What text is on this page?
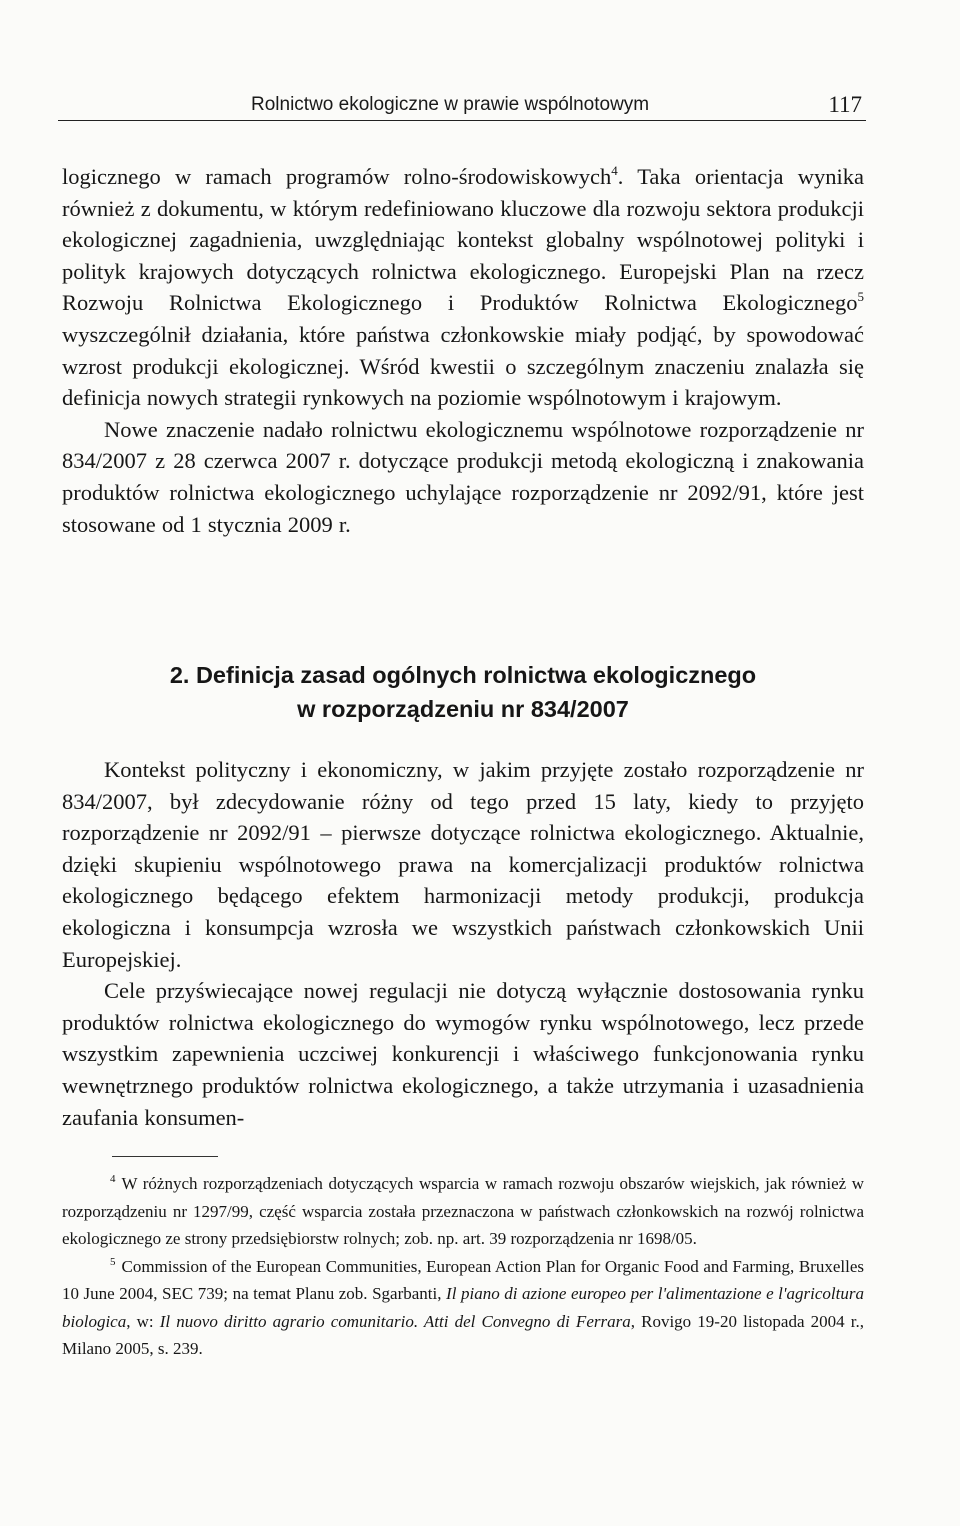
Rolnictwo ekologiczne w prawie wspólnotowym	117

logicznego w ramach programów rolno-środowiskowych$^4$. Taka orientacja wynika również z dokumentu, w którym redefiniowano kluczowe dla rozwoju sektora produkcji ekologicznej zagadnienia, uwzględniając kontekst globalny wspólnotowej polityki i polityk krajowych dotyczących rolnictwa ekologicznego. Europejski Plan na rzecz Rozwoju Rolnictwa Ekologicznego i Produktów Rolnictwa Ekologicznego$^5$ wyszczególnił działania, które państwa członkowskie miały podjąć, by spowodować wzrost produkcji ekologicznej. Wśród kwestii o szczególnym znaczeniu znalazła się definicja nowych strategii rynkowych na poziomie wspólnotowym i krajowym.

Nowe znaczenie nadało rolnictwu ekologicznemu wspólnotowe rozporządzenie nr 834/2007 z 28 czerwca 2007 r. dotyczące produkcji metodą ekologiczną i znakowania produktów rolnictwa ekologicznego uchylające rozporządzenie nr 2092/91, które jest stosowane od 1 stycznia 2009 r.

2. Definicja zasad ogólnych rolnictwa ekologicznego
w rozporządzeniu nr 834/2007

Kontekst polityczny i ekonomiczny, w jakim przyjęte zostało rozporządzenie nr 834/2007, był zdecydowanie różny od tego przed 15 laty, kiedy to przyjęto rozporządzenie nr 2092/91 – pierwsze dotyczące rolnictwa ekologicznego. Aktualnie, dzięki skupieniu wspólnotowego prawa na komercjalizacji produktów rolnictwa ekologicznego będącego efektem harmonizacji metody produkcji, produkcja ekologiczna i konsumpcja wzrosła we wszystkich państwach członkowskich Unii Europejskiej.

Cele przyświecające nowej regulacji nie dotyczą wyłącznie dostosowania rynku produktów rolnictwa ekologicznego do wymogów rynku wspólnotowego, lecz przede wszystkim zapewnienia uczciwej konkurencji i właściwego funkcjonowania rynku wewnętrznego produktów rolnictwa ekologicznego, a także utrzymania i uzasadnienia zaufania konsumen-

$^4$ W różnych rozporządzeniach dotyczących wsparcia w ramach rozwoju obszarów wiejskich, jak również w rozporządzeniu nr 1297/99, część wsparcia została przeznaczona w państwach członkowskich na rozwój rolnictwa ekologicznego ze strony przedsiębiorstw rolnych; zob. np. art. 39 rozporządzenia nr 1698/05.

$^5$ Commission of the European Communities, European Action Plan for Organic Food and Farming, Bruxelles 10 June 2004, SEC 739; na temat Planu zob. Sgarbanti, Il piano di azione europeo per l'alimentazione e l'agricoltura biologica, w: Il nuovo diritto agrario comunitario. Atti del Convegno di Ferrara, Rovigo 19-20 listopada 2004 r., Milano 2005, s. 239.
